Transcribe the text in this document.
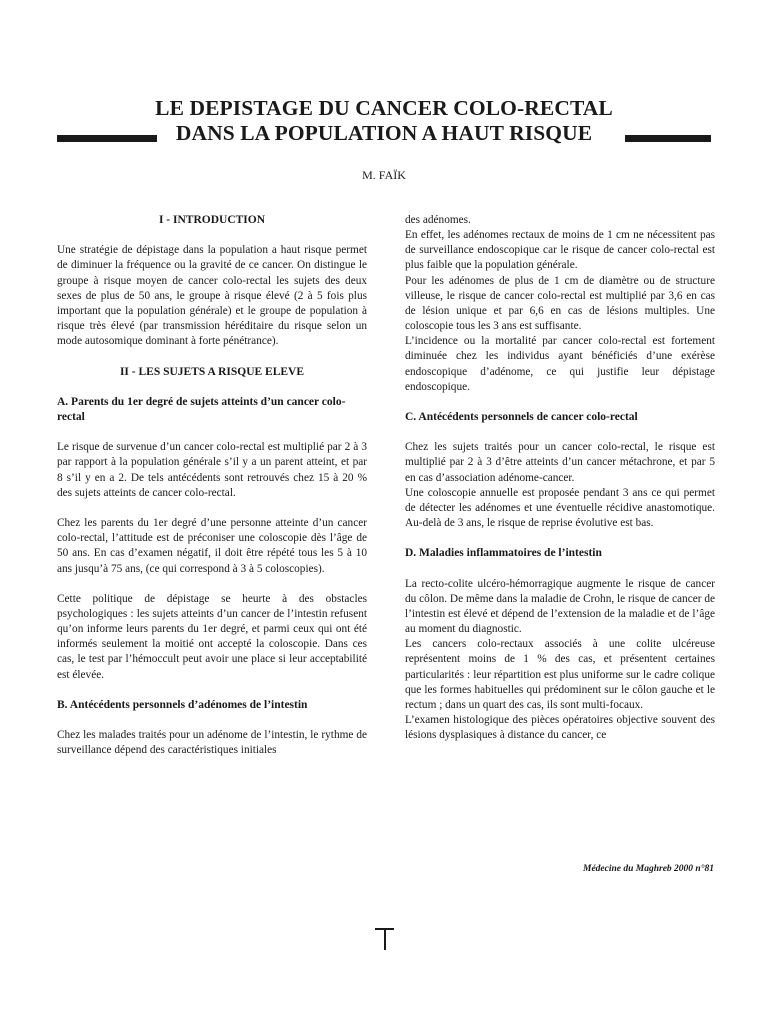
LE DEPISTAGE DU CANCER COLO-RECTAL
DANS LA POPULATION A HAUT RISQUE
M. FAÏK
I - INTRODUCTION

Une stratégie de dépistage dans la population a haut risque permet de diminuer la fréquence ou la gravité de ce cancer. On distingue le groupe à risque moyen de cancer colo-rectal les sujets des deux sexes de plus de 50 ans, le groupe à risque élevé (2 à 5 fois plus important que la population générale) et le groupe de population à risque très élevé (par transmission héréditaire du risque selon un mode autosomique dominant à forte pénétrance).

II - LES SUJETS A RISQUE ELEVE
A. Parents du 1er degré de sujets atteints d’un cancer colo-rectal

Le risque de survenue d’un cancer colo-rectal est multiplié par 2 à 3 par rapport à la population générale s’il y a un parent atteint, et par 8 s’il y en a 2. De tels antécédents sont retrouvés chez 15 à 20 % des sujets atteints de cancer colo-rectal.

Chez les parents du 1er degré d’une personne atteinte d’un cancer colo-rectal, l’attitude est de préconiser une coloscopie dès l’âge de 50 ans. En cas d’examen négatif, il doit être répété tous les 5 à 10 ans jusqu’à 75 ans, (ce qui correspond à 3 à 5 coloscopies).

Cette politique de dépistage se heurte à des obstacles psychologiques : les sujets atteints d’un cancer de l’intestin refusent qu’on informe leurs parents du 1er degré, et parmi ceux qui ont été informés seulement la moitié ont accepté la coloscopie. Dans ces cas, le test par l’hémoccult peut avoir une place si leur acceptabilité est élevée.

B. Antécédents personnels d’adénomes de l’intestin

Chez les malades traités pour un adénome de l’intestin, le rythme de surveillance dépend des caractéristiques initiales

des adénomes.

En effet, les adénomes rectaux de moins de 1 cm ne nécessitent pas de surveillance endoscopique car le risque de cancer colo-rectal est plus faible que la population générale.

Pour les adénomes de plus de 1 cm de diamètre ou de structure villeuse, le risque de cancer colo-rectal est multiplié par 3,6 en cas de lésion unique et par 6,6 en cas de lésions multiples. Une coloscopie tous les 3 ans est suffisante.

L’incidence ou la mortalité par cancer colo-rectal est fortement diminuée chez les individus ayant bénéficiés d’une exérèse endoscopique d’adénome, ce qui justifie leur dépistage endoscopique.

C. Antécédents personnels de cancer colo-rectal

Chez les sujets traités pour un cancer colo-rectal, le risque est multiplié par 2 à 3 d’être atteints d’un cancer métachrone, et par 5 en cas d’association adénome-cancer.

Une coloscopie annuelle est proposée pendant 3 ans ce qui permet de détecter les adénomes et une éventuelle récidive anastomotique. Au-delà de 3 ans, le risque de reprise évolutive est bas.

D. Maladies inflammatoires de l’intestin

La recto-colite ulcéro-hémorragique augmente le risque de cancer du côlon. De même dans la maladie de Crohn, le risque de cancer de l’intestin est élevé et dépend de l’extension de la maladie et de l’âge au moment du diagnostic.

Les cancers colo-rectaux associés à une colite ulcéreuse représentent moins de 1 % des cas, et présentent certaines particularités : leur répartition est plus uniforme sur le cadre colique que les formes habituelles qui prédominent sur le côlon gauche et le rectum ; dans un quart des cas, ils sont multi-focaux.

L’examen histologique des pièces opératoires objective souvent des lésions dysplasiques à distance du cancer, ce

Médecine du Maghreb 2000 n°81
